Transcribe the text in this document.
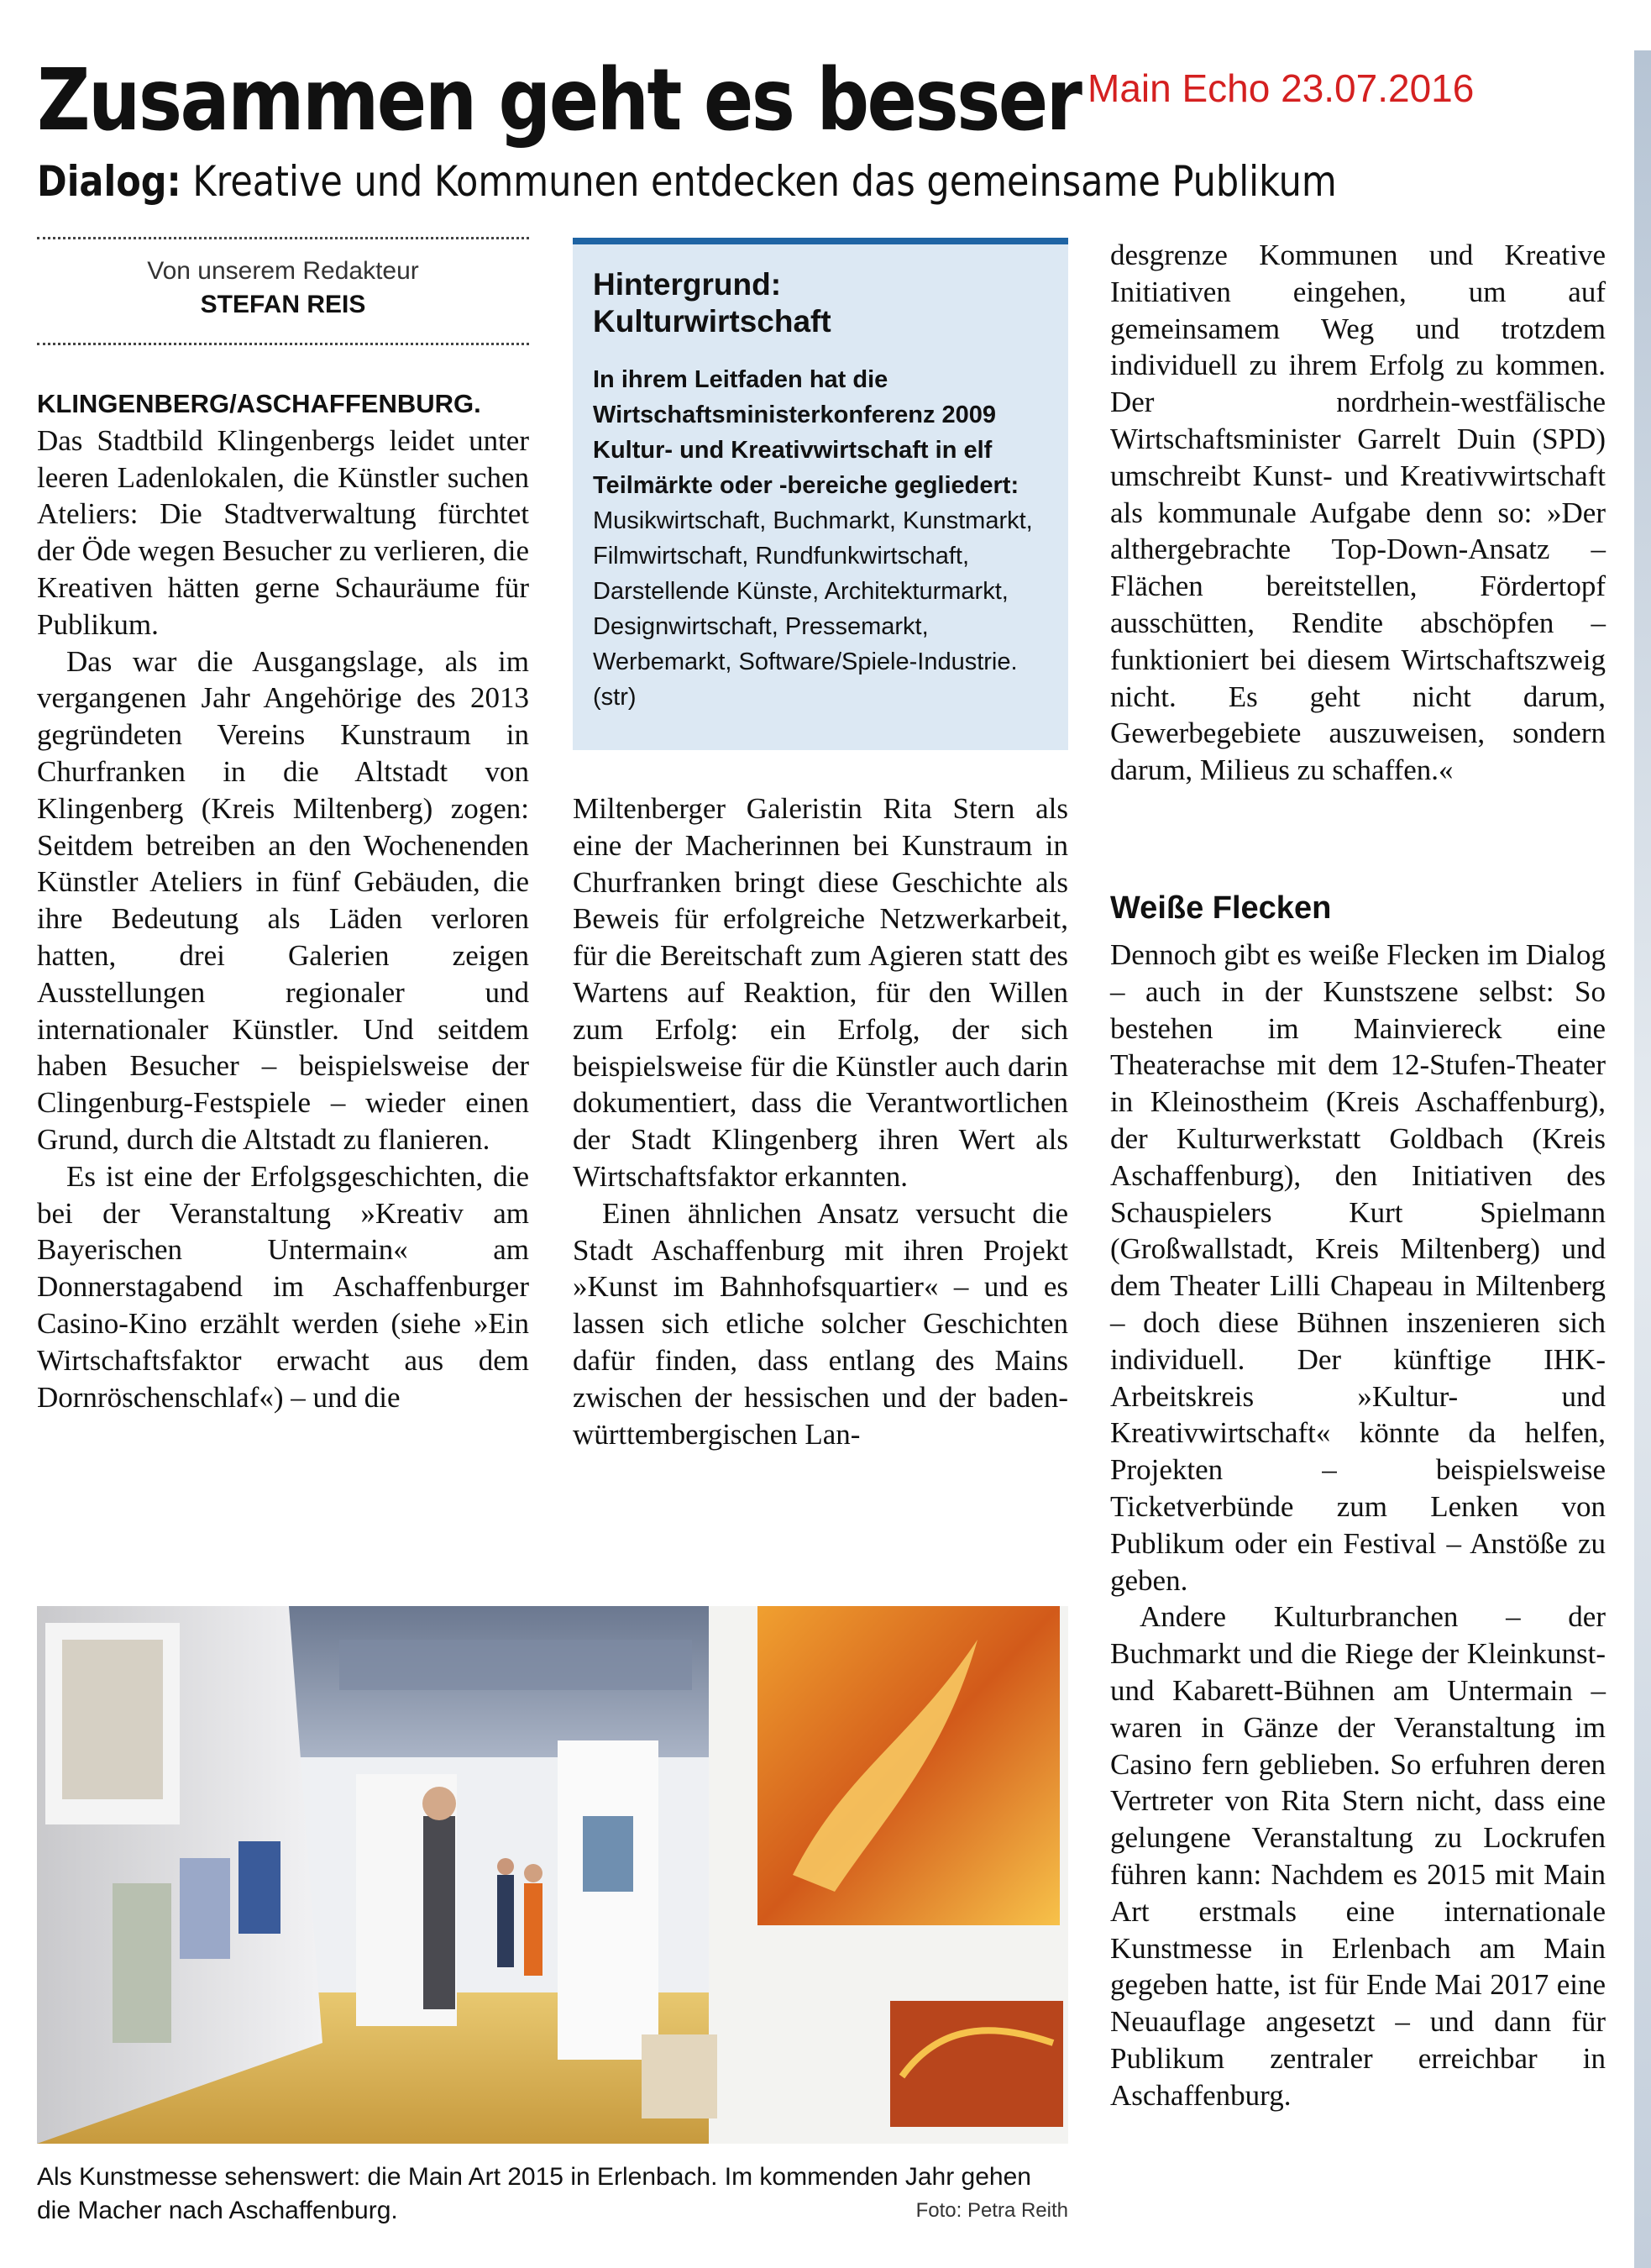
Zusammen geht es besser Main Echo 23.07.2016
Dialog: Kreative und Kommunen entdecken das gemeinsame Publikum
Von unserem Redakteur
STEFAN REIS

KLINGENBERG/ASCHAFFENBURG. Das Stadtbild Klingenbergs leidet unter leeren Ladenlokalen, die Künstler suchen Ateliers: Die Stadtverwaltung fürchtet der Öde wegen Besucher zu verlieren, die Kreativen hätten gerne Schauräume für Publikum.

Das war die Ausgangslage, als im vergangenen Jahr Angehörige des 2013 gegründeten Vereins Kunstraum in Churfranken in die Altstadt von Klingenberg (Kreis Miltenberg) zogen: Seitdem betreiben an den Wochenenden Künstler Ateliers in fünf Gebäuden, die ihre Bedeutung als Läden verloren hatten, drei Galerien zeigen Ausstellungen regionaler und internationaler Künstler. Und seitdem haben Besucher – beispielsweise der Clingenburg-Festspiele – wieder einen Grund, durch die Altstadt zu flanieren.

Es ist eine der Erfolgsgeschichten, die bei der Veranstaltung »Kreativ am Bayerischen Untermain« am Donnerstagabend im Aschaffenburger Casino-Kino erzählt werden (siehe »Ein Wirtschaftsfaktor erwacht aus dem Dornröschenschlaf«) – und die

Hintergrund:
Kulturwirtschaft
In ihrem Leitfaden hat die Wirtschaftsministerkonferenz 2009 Kultur- und Kreativwirtschaft in elf Teilmärkte oder -bereiche gegliedert: Musikwirtschaft, Buchmarkt, Kunstmarkt, Filmwirtschaft, Rundfunkwirtschaft, Darstellende Künste, Architekturmarkt, Designwirtschaft, Pressemarkt, Werbemarkt, Software/Spiele-Industrie. (str)

Miltenberger Galeristin Rita Stern als eine der Macherinnen bei Kunstraum in Churfranken bringt diese Geschichte als Beweis für erfolgreiche Netzwerkarbeit, für die Bereitschaft zum Agieren statt des Wartens auf Reaktion, für den Willen zum Erfolg: ein Erfolg, der sich beispielsweise für die Künstler auch darin dokumentiert, dass die Verantwortlichen der Stadt Klingenberg ihren Wert als Wirtschaftsfaktor erkannten.

Einen ähnlichen Ansatz versucht die Stadt Aschaffenburg mit ihren Projekt »Kunst im Bahnhofsquartier« – und es lassen sich etliche solcher Geschichten dafür finden, dass entlang des Mains zwischen der hessischen und der baden-württembergischen Lan-

desgrenze Kommunen und Kreative Initiativen eingehen, um auf gemeinsamem Weg und trotzdem individuell zu ihrem Erfolg zu kommen. Der nordrhein-westfälische Wirtschaftsminister Garrelt Duin (SPD) umschreibt Kunst- und Kreativwirtschaft als kommunale Aufgabe denn so: »Der althergebrachte Top-Down-Ansatz – Flächen bereitstellen, Fördertopf ausschütten, Rendite abschöpfen – funktioniert bei diesem Wirtschaftszweig nicht. Es geht nicht darum, Gewerbegebiete auszuweisen, sondern darum, Milieus zu schaffen.«

Weiße Flecken

Dennoch gibt es weiße Flecken im Dialog – auch in der Kunstszene selbst: So bestehen im Mainviereck eine Theaterachse mit dem 12-Stufen-Theater in Kleinostheim (Kreis Aschaffenburg), der Kulturwerkstatt Goldbach (Kreis Aschaffenburg), den Initiativen des Schauspielers Kurt Spielmann (Großwallstadt, Kreis Miltenberg) und dem Theater Lilli Chapeau in Miltenberg – doch diese Bühnen inszenieren sich individuell. Der künftige IHK-Arbeitskreis »Kultur- und Kreativwirtschaft« könnte da helfen, Projekten – beispielsweise Ticketverbünde zum Lenken von Publikum oder ein Festival – Anstöße zu geben.

Andere Kulturbranchen – der Buchmarkt und die Riege der Kleinkunst- und Kabarett-Bühnen am Untermain – waren in Gänze der Veranstaltung im Casino fern geblieben. So erfuhren deren Vertreter von Rita Stern nicht, dass eine gelungene Veranstaltung zu Lockrufen führen kann: Nachdem es 2015 mit Main Art erstmals eine internationale Kunstmesse in Erlenbach am Main gegeben hatte, ist für Ende Mai 2017 eine Neuauflage angesetzt – und dann für Publikum zentraler erreichbar in Aschaffenburg.

Als Kunstmesse sehenswert: die Main Art 2015 in Erlenbach. Im kommenden Jahr gehen die Macher nach Aschaffenburg.	Foto: Petra Reith
